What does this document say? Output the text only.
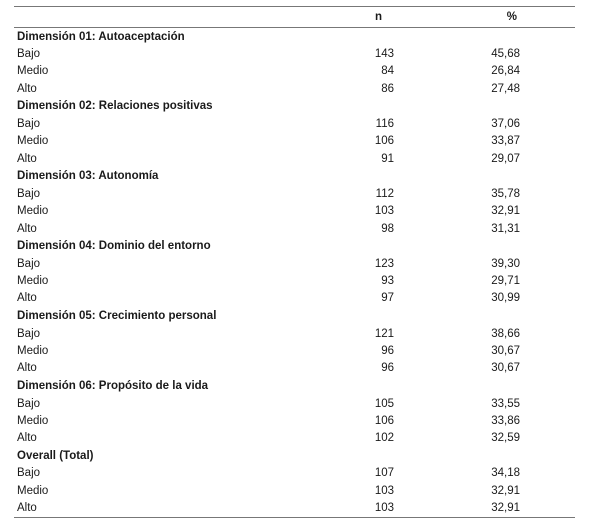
	n	%
Dimensión 01: Autoaceptación		
Bajo	143	45,68
Medio	84	26,84
Alto	86	27,48
Dimensión 02: Relaciones positivas		
Bajo	116	37,06
Medio	106	33,87
Alto	91	29,07
Dimensión 03: Autonomía		
Bajo	112	35,78
Medio	103	32,91
Alto	98	31,31
Dimensión 04: Dominio del entorno		
Bajo	123	39,30
Medio	93	29,71
Alto	97	30,99
Dimensión 05: Crecimiento personal		
Bajo	121	38,66
Medio	96	30,67
Alto	96	30,67
Dimensión 06: Propósito de la vida		
Bajo	105	33,55
Medio	106	33,86
Alto	102	32,59
Overall (Total)		
Bajo	107	34,18
Medio	103	32,91
Alto	103	32,91
